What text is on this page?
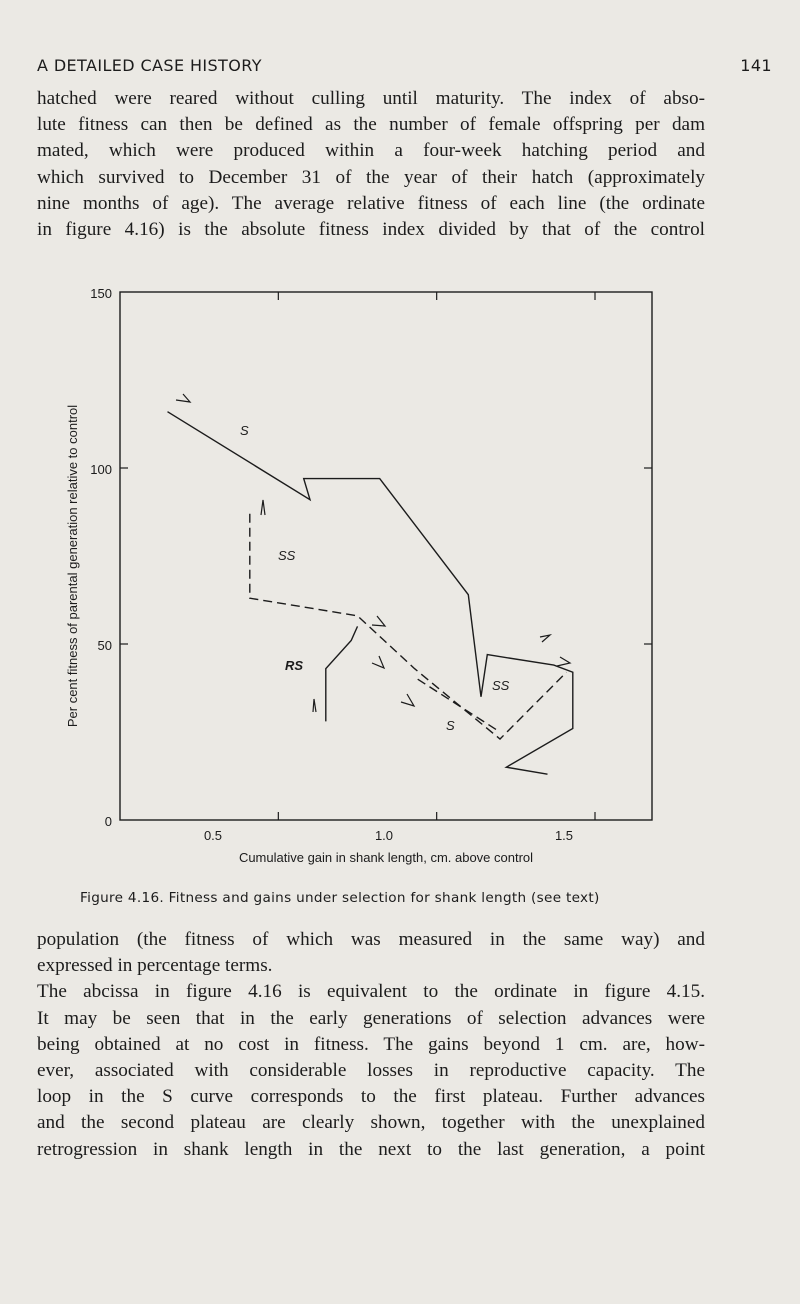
A DETAILED CASE HISTORY	141
hatched were reared without culling until maturity. The index of abso-
lute fitness can then be defined as the number of female offspring per dam
mated, which were produced within a four-week hatching period and
which survived to December 31 of the year of their hatch (approximately
nine months of age). The average relative fitness of each line (the ordinate
in figure 4.16) is the absolute fitness index divided by that of the control
150
100
50
0
0.5	1.0	1.5
Cumulative gain in shank length, cm. above control
Per cent fitness of parental generation relative to control	S
SS
RS
SS
S
Figure 4.16. Fitness and gains under selection for shank length (see text)
population (the fitness of which was measured in the same way) and
expressed in percentage terms.
The abcissa in figure 4.16 is equivalent to the ordinate in figure 4.15.
It may be seen that in the early generations of selection advances were
being obtained at no cost in fitness. The gains beyond 1 cm. are, how-
ever, associated with considerable losses in reproductive capacity. The
loop in the S curve corresponds to the first plateau. Further advances
and the second plateau are clearly shown, together with the unexplained
retrogression in shank length in the next to the last generation, a point
